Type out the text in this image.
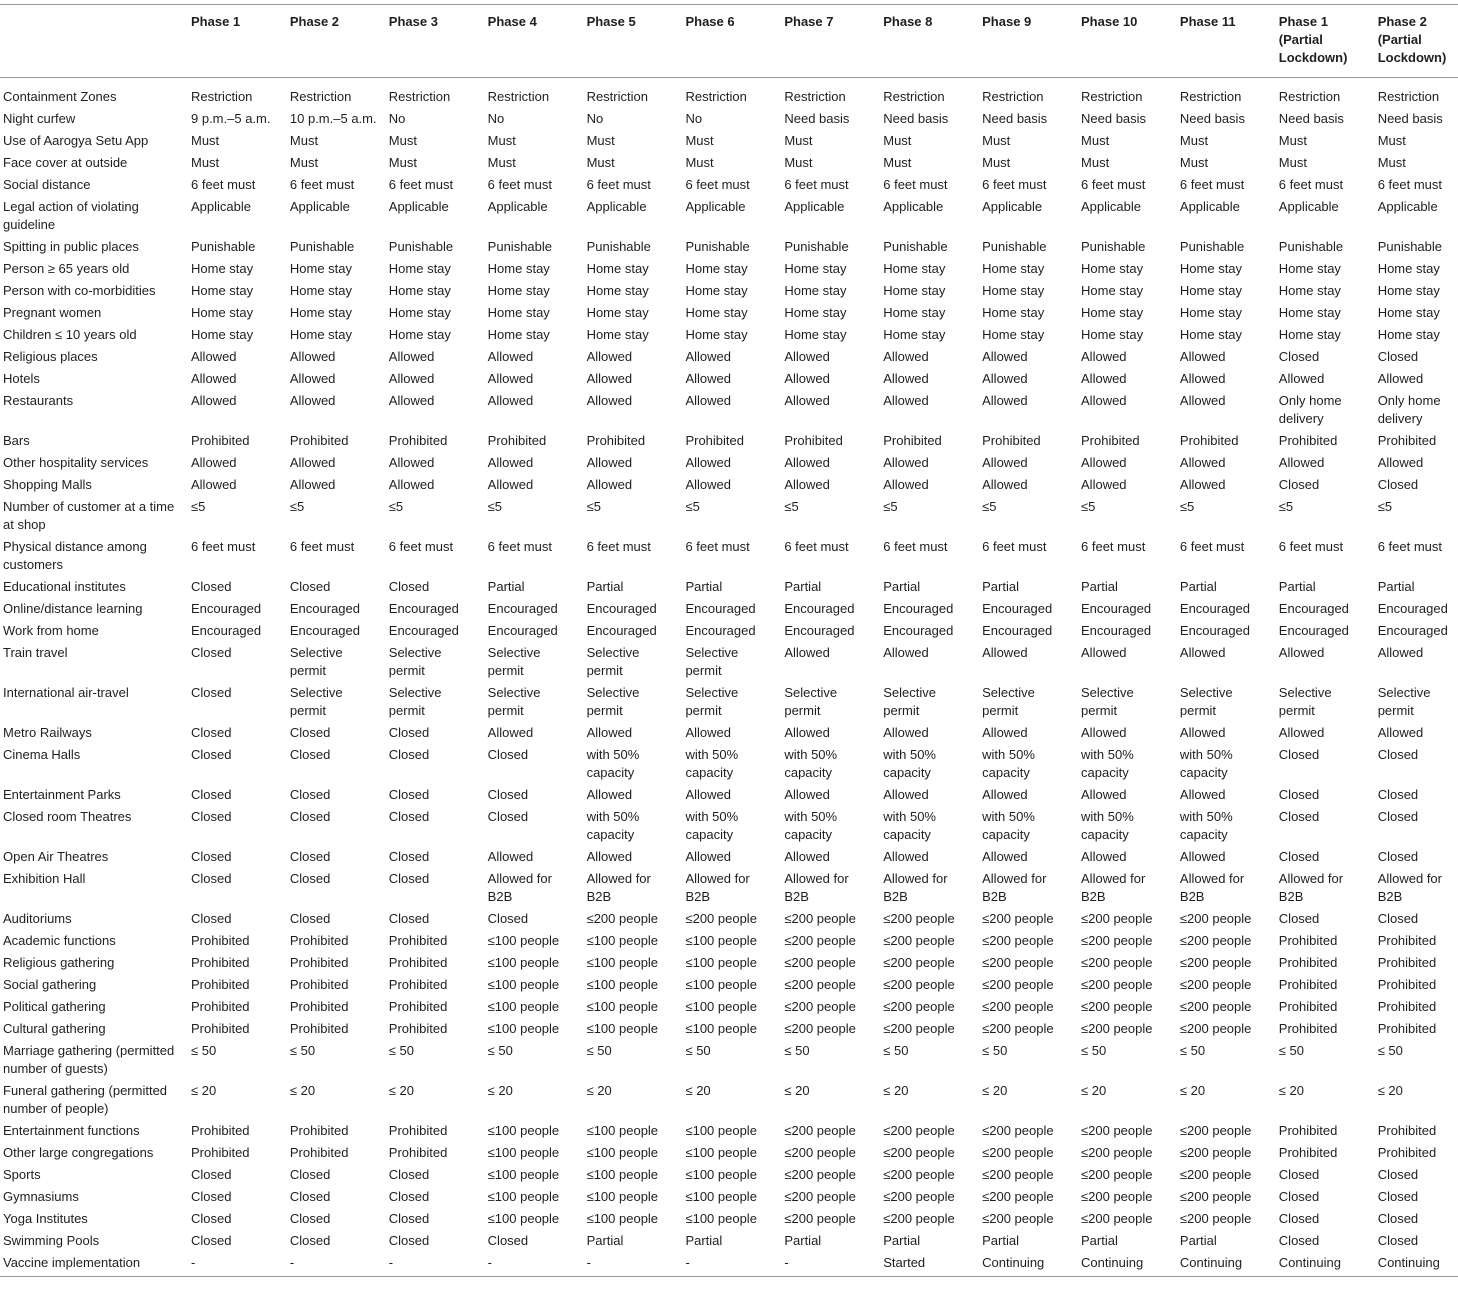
	Phase 1	Phase 2	Phase 3	Phase 4	Phase 5	Phase 6	Phase 7	Phase 8	Phase 9	Phase 10	Phase 11	Phase 1 (Partial Lockdown)	Phase 2 (Partial Lockdown)
Containment Zones	Restriction	Restriction	Restriction	Restriction	Restriction	Restriction	Restriction	Restriction	Restriction	Restriction	Restriction	Restriction	Restriction
Night curfew	9 p.m.–5 a.m.	10 p.m.–5 a.m.	No	No	No	No	Need basis	Need basis	Need basis	Need basis	Need basis	Need basis	Need basis
Use of Aarogya Setu App	Must	Must	Must	Must	Must	Must	Must	Must	Must	Must	Must	Must	Must
Face cover at outside	Must	Must	Must	Must	Must	Must	Must	Must	Must	Must	Must	Must	Must
Social distance	6 feet must	6 feet must	6 feet must	6 feet must	6 feet must	6 feet must	6 feet must	6 feet must	6 feet must	6 feet must	6 feet must	6 feet must	6 feet must
Legal action of violating guideline	Applicable	Applicable	Applicable	Applicable	Applicable	Applicable	Applicable	Applicable	Applicable	Applicable	Applicable	Applicable	Applicable
Spitting in public places	Punishable	Punishable	Punishable	Punishable	Punishable	Punishable	Punishable	Punishable	Punishable	Punishable	Punishable	Punishable	Punishable
Person ≥ 65 years old	Home stay	Home stay	Home stay	Home stay	Home stay	Home stay	Home stay	Home stay	Home stay	Home stay	Home stay	Home stay	Home stay
Person with co-morbidities	Home stay	Home stay	Home stay	Home stay	Home stay	Home stay	Home stay	Home stay	Home stay	Home stay	Home stay	Home stay	Home stay
Pregnant women	Home stay	Home stay	Home stay	Home stay	Home stay	Home stay	Home stay	Home stay	Home stay	Home stay	Home stay	Home stay	Home stay
Children ≤ 10 years old	Home stay	Home stay	Home stay	Home stay	Home stay	Home stay	Home stay	Home stay	Home stay	Home stay	Home stay	Home stay	Home stay
Religious places	Allowed	Allowed	Allowed	Allowed	Allowed	Allowed	Allowed	Allowed	Allowed	Allowed	Allowed	Closed	Closed
Hotels	Allowed	Allowed	Allowed	Allowed	Allowed	Allowed	Allowed	Allowed	Allowed	Allowed	Allowed	Allowed	Allowed
Restaurants	Allowed	Allowed	Allowed	Allowed	Allowed	Allowed	Allowed	Allowed	Allowed	Allowed	Allowed	Only home delivery	Only home delivery
Bars	Prohibited	Prohibited	Prohibited	Prohibited	Prohibited	Prohibited	Prohibited	Prohibited	Prohibited	Prohibited	Prohibited	Prohibited	Prohibited
Other hospitality services	Allowed	Allowed	Allowed	Allowed	Allowed	Allowed	Allowed	Allowed	Allowed	Allowed	Allowed	Allowed	Allowed
Shopping Malls	Allowed	Allowed	Allowed	Allowed	Allowed	Allowed	Allowed	Allowed	Allowed	Allowed	Allowed	Closed	Closed
Number of customer at a time at shop	≤5	≤5	≤5	≤5	≤5	≤5	≤5	≤5	≤5	≤5	≤5	≤5	≤5
Physical distance among customers	6 feet must	6 feet must	6 feet must	6 feet must	6 feet must	6 feet must	6 feet must	6 feet must	6 feet must	6 feet must	6 feet must	6 feet must	6 feet must
Educational institutes	Closed	Closed	Closed	Partial	Partial	Partial	Partial	Partial	Partial	Partial	Partial	Partial	Partial
Online/distance learning	Encouraged	Encouraged	Encouraged	Encouraged	Encouraged	Encouraged	Encouraged	Encouraged	Encouraged	Encouraged	Encouraged	Encouraged	Encouraged
Work from home	Encouraged	Encouraged	Encouraged	Encouraged	Encouraged	Encouraged	Encouraged	Encouraged	Encouraged	Encouraged	Encouraged	Encouraged	Encouraged
Train travel	Closed	Selective permit	Selective permit	Selective permit	Selective permit	Selective permit	Allowed	Allowed	Allowed	Allowed	Allowed	Allowed	Allowed
International air-travel	Closed	Selective permit	Selective permit	Selective permit	Selective permit	Selective permit	Selective permit	Selective permit	Selective permit	Selective permit	Selective permit	Selective permit	Selective permit
Metro Railways	Closed	Closed	Closed	Allowed	Allowed	Allowed	Allowed	Allowed	Allowed	Allowed	Allowed	Allowed	Allowed
Cinema Halls	Closed	Closed	Closed	Closed	with 50% capacity	with 50% capacity	with 50% capacity	with 50% capacity	with 50% capacity	with 50% capacity	with 50% capacity	Closed	Closed
Entertainment Parks	Closed	Closed	Closed	Closed	Allowed	Allowed	Allowed	Allowed	Allowed	Allowed	Allowed	Closed	Closed
Closed room Theatres	Closed	Closed	Closed	Closed	with 50% capacity	with 50% capacity	with 50% capacity	with 50% capacity	with 50% capacity	with 50% capacity	with 50% capacity	Closed	Closed
Open Air Theatres	Closed	Closed	Closed	Allowed	Allowed	Allowed	Allowed	Allowed	Allowed	Allowed	Allowed	Closed	Closed
Exhibition Hall	Closed	Closed	Closed	Allowed for B2B	Allowed for B2B	Allowed for B2B	Allowed for B2B	Allowed for B2B	Allowed for B2B	Allowed for B2B	Allowed for B2B	Allowed for B2B	Allowed for B2B
Auditoriums	Closed	Closed	Closed	Closed	≤200 people	≤200 people	≤200 people	≤200 people	≤200 people	≤200 people	≤200 people	Closed	Closed
Academic functions	Prohibited	Prohibited	Prohibited	≤100 people	≤100 people	≤100 people	≤200 people	≤200 people	≤200 people	≤200 people	≤200 people	Prohibited	Prohibited
Religious gathering	Prohibited	Prohibited	Prohibited	≤100 people	≤100 people	≤100 people	≤200 people	≤200 people	≤200 people	≤200 people	≤200 people	Prohibited	Prohibited
Social gathering	Prohibited	Prohibited	Prohibited	≤100 people	≤100 people	≤100 people	≤200 people	≤200 people	≤200 people	≤200 people	≤200 people	Prohibited	Prohibited
Political gathering	Prohibited	Prohibited	Prohibited	≤100 people	≤100 people	≤100 people	≤200 people	≤200 people	≤200 people	≤200 people	≤200 people	Prohibited	Prohibited
Cultural gathering	Prohibited	Prohibited	Prohibited	≤100 people	≤100 people	≤100 people	≤200 people	≤200 people	≤200 people	≤200 people	≤200 people	Prohibited	Prohibited
Marriage gathering (permitted number of guests)	≤ 50	≤ 50	≤ 50	≤ 50	≤ 50	≤ 50	≤ 50	≤ 50	≤ 50	≤ 50	≤ 50	≤ 50	≤ 50
Funeral gathering (permitted number of people)	≤ 20	≤ 20	≤ 20	≤ 20	≤ 20	≤ 20	≤ 20	≤ 20	≤ 20	≤ 20	≤ 20	≤ 20	≤ 20
Entertainment functions	Prohibited	Prohibited	Prohibited	≤100 people	≤100 people	≤100 people	≤200 people	≤200 people	≤200 people	≤200 people	≤200 people	Prohibited	Prohibited
Other large congregations	Prohibited	Prohibited	Prohibited	≤100 people	≤100 people	≤100 people	≤200 people	≤200 people	≤200 people	≤200 people	≤200 people	Prohibited	Prohibited
Sports	Closed	Closed	Closed	≤100 people	≤100 people	≤100 people	≤200 people	≤200 people	≤200 people	≤200 people	≤200 people	Closed	Closed
Gymnasiums	Closed	Closed	Closed	≤100 people	≤100 people	≤100 people	≤200 people	≤200 people	≤200 people	≤200 people	≤200 people	Closed	Closed
Yoga Institutes	Closed	Closed	Closed	≤100 people	≤100 people	≤100 people	≤200 people	≤200 people	≤200 people	≤200 people	≤200 people	Closed	Closed
Swimming Pools	Closed	Closed	Closed	Closed	Partial	Partial	Partial	Partial	Partial	Partial	Partial	Closed	Closed
Vaccine implementation	-	-	-	-	-	-	-	Started	Continuing	Continuing	Continuing	Continuing	Continuing
